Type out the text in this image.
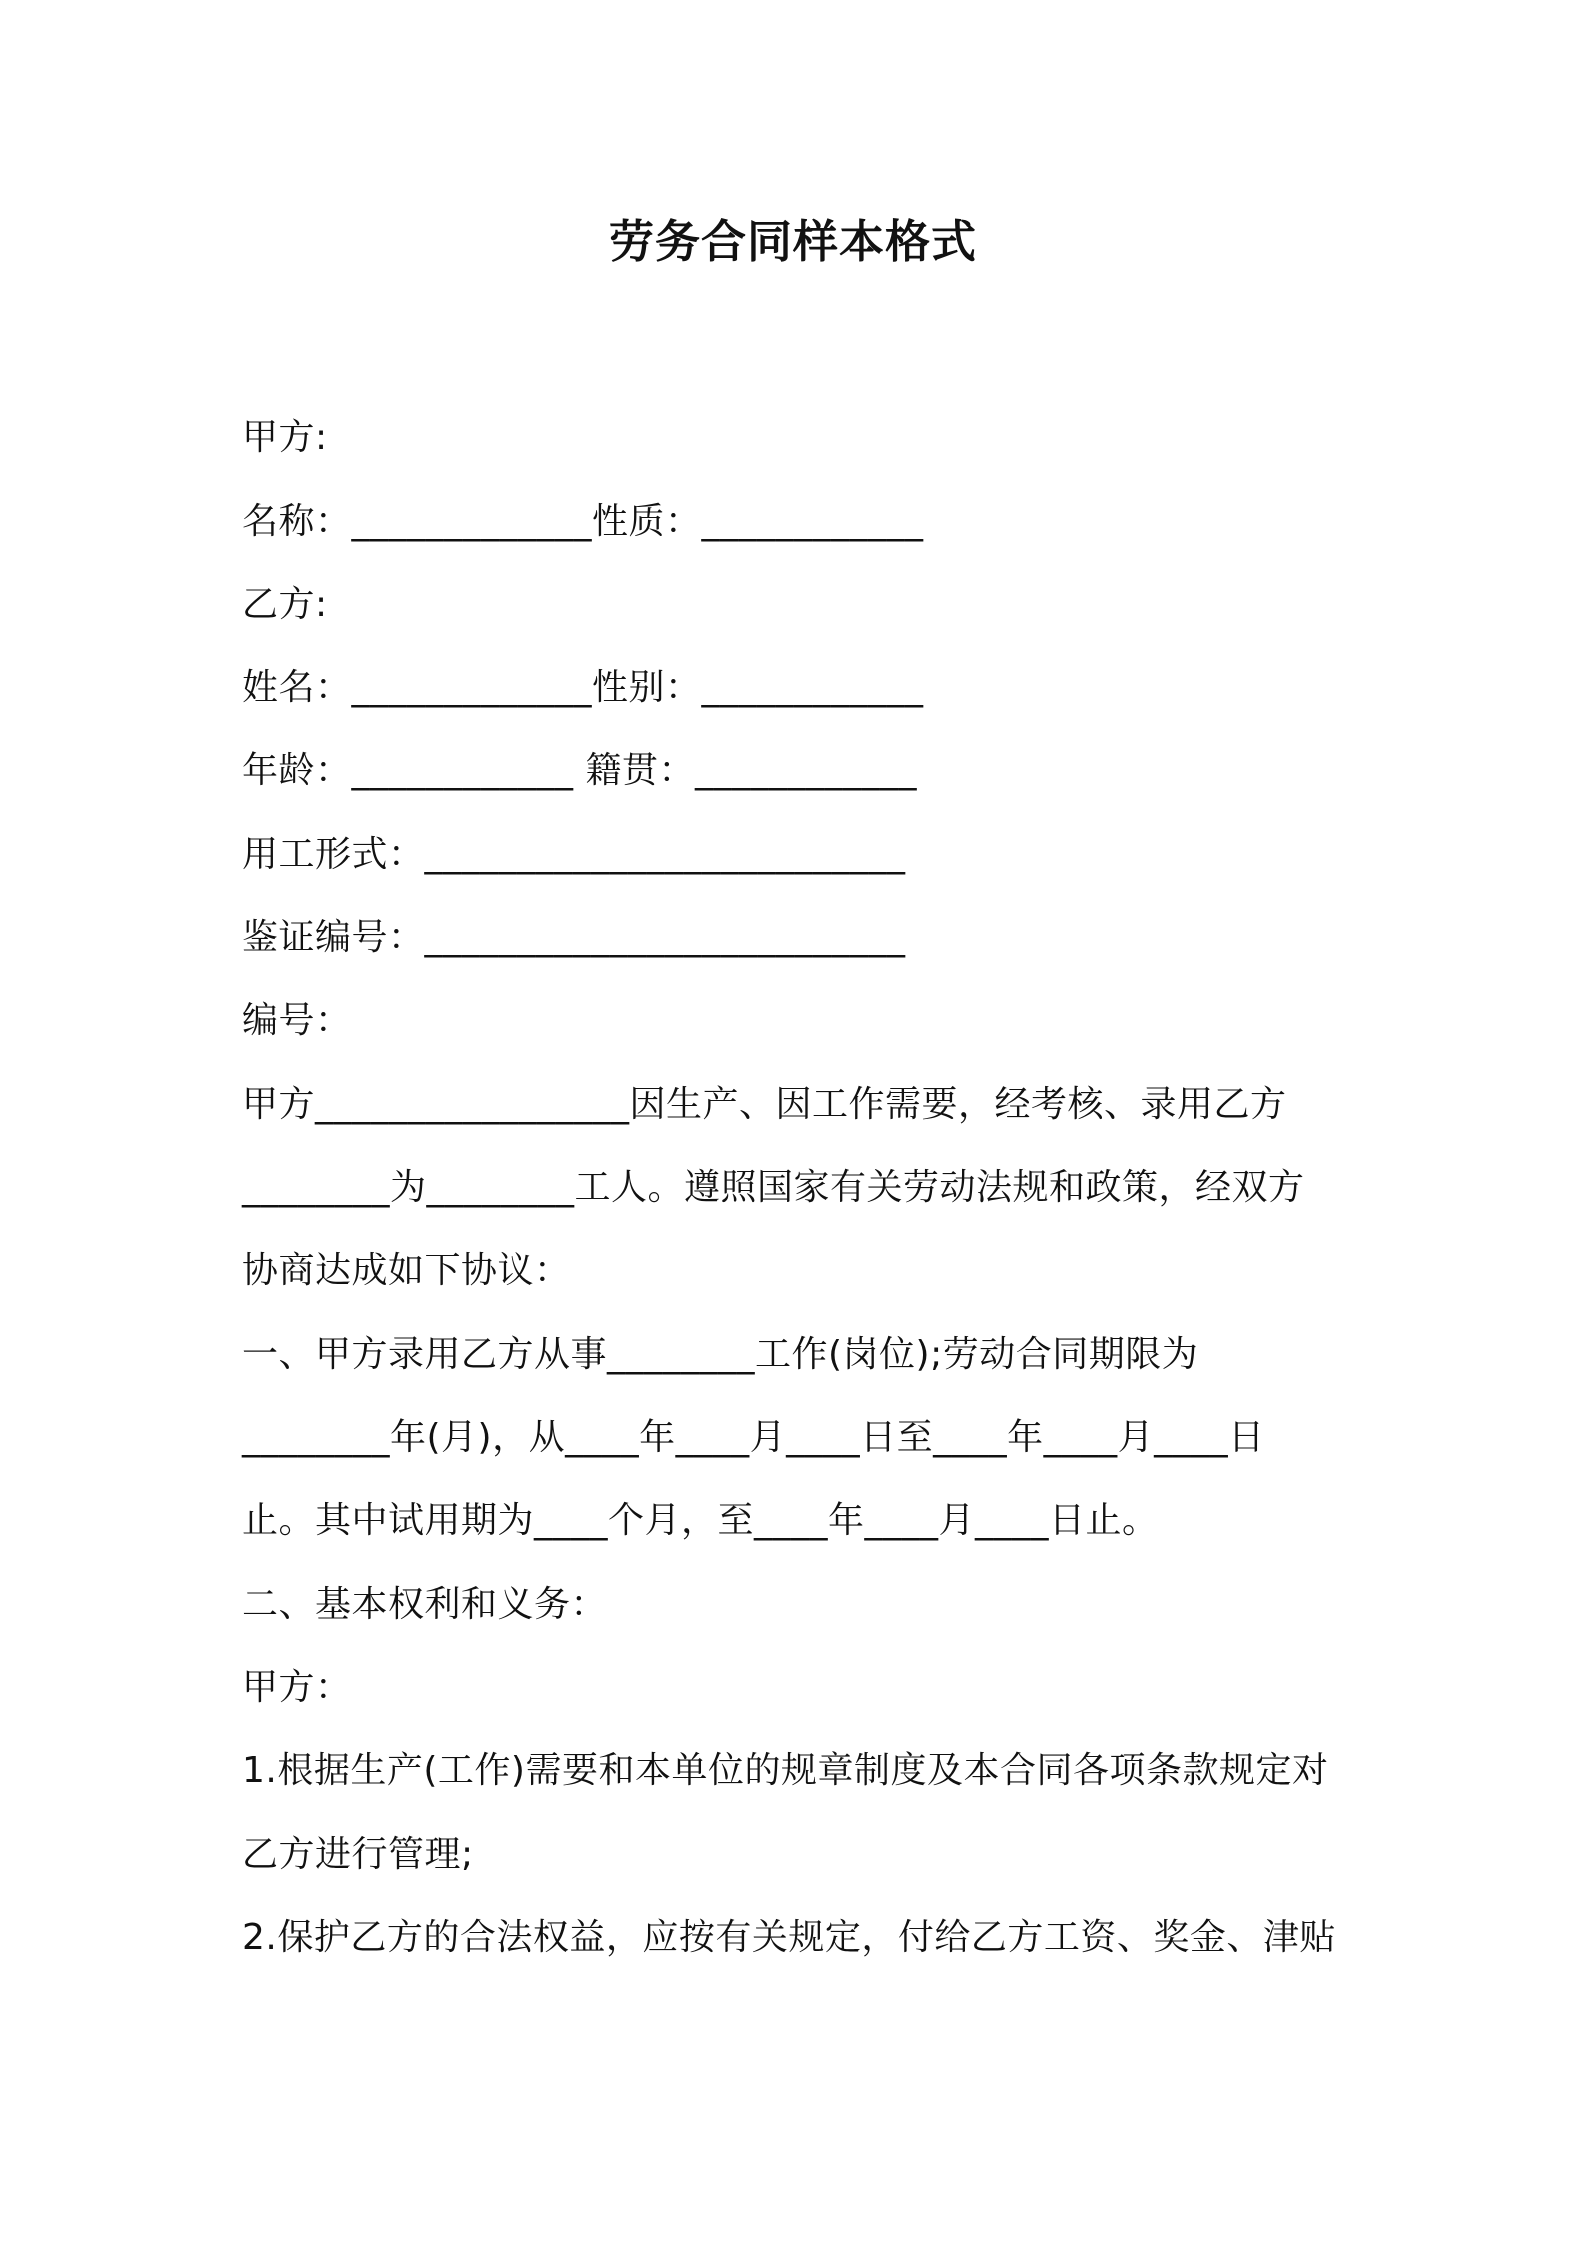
劳务合同样本格式
甲方:
名称：_____________性质：____________
乙方:
姓名：_____________性别：____________
年龄：____________ 籍贯：____________
用工形式：__________________________
鉴证编号：__________________________
编号：
甲方_________________因生产、因工作需要，经考核、录用乙方
________为________工人。遵照国家有关劳动法规和政策，经双方
协商达成如下协议：
一、甲方录用乙方从事________工作(岗位);劳动合同期限为
________年(月)，从____年____月____日至____年____月____日
止。其中试用期为____个月，至____年____月____日止。
二、基本权利和义务：
甲方：
1.根据生产(工作)需要和本单位的规章制度及本合同各项条款规定对
乙方进行管理;
2.保护乙方的合法权益，应按有关规定，付给乙方工资、奖金、津贴
